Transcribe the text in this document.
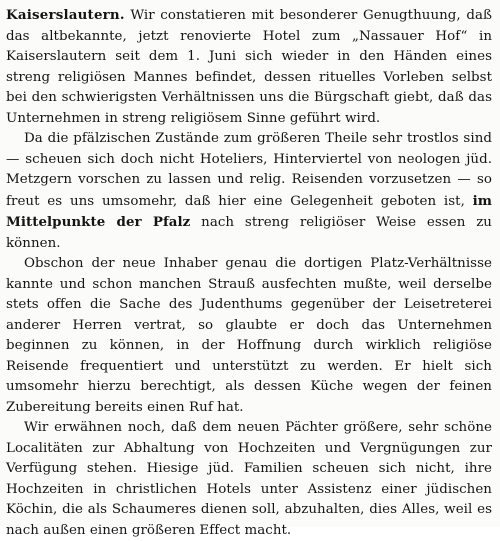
Kaiserslautern. Wir constatieren mit besonderer Genugthuung, daß das altbekannte, jetzt renovierte Hotel zum „Nassauer Hof“ in Kaiserslautern seit dem 1. Juni sich wieder in den Händen eines streng religiösen Mannes befindet, dessen rituelles Vorleben selbst bei den schwierigsten Verhältnissen uns die Bürgschaft giebt, daß das Unternehmen in streng religiösem Sinne geführt wird.

Da die pfälzischen Zustände zum größeren Theile sehr trostlos sind — scheuen sich doch nicht Hoteliers, Hinterviertel von neologen jüd. Metzgern vorschen zu lassen und relig. Reisenden vorzusetzen — so freut es uns umsomehr, daß hier eine Gelegenheit geboten ist, im Mittelpunkte der Pfalz nach streng religiöser Weise essen zu können.

Obschon der neue Inhaber genau die dortigen Platz-Verhältnisse kannte und schon manchen Strauß ausfechten mußte, weil derselbe stets offen die Sache des Judenthums gegenüber der Leisetreterei anderer Herren vertrat, so glaubte er doch das Unternehmen beginnen zu können, in der Hoffnung durch wirklich religiöse Reisende frequentiert und unterstützt zu werden. Er hielt sich umsomehr hierzu berechtigt, als dessen Küche wegen der feinen Zubereitung bereits einen Ruf hat.

Wir erwähnen noch, daß dem neuen Pächter größere, sehr schöne Localitäten zur Abhaltung von Hochzeiten und Vergnügungen zur Verfügung stehen. Hiesige jüd. Familien scheuen sich nicht, ihre Hochzeiten in christlichen Hotels unter Assistenz einer jüdischen Köchin, die als Schaumeres dienen soll, abzuhalten, dies Alles, weil es nach außen einen größeren Effect macht.
